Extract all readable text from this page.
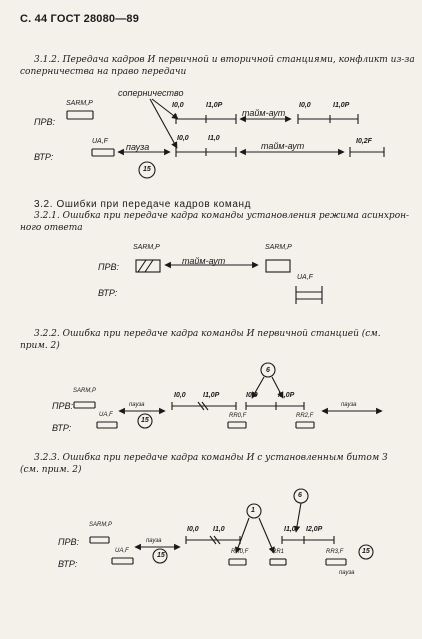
С. 44 ГОСТ 28080—89
3.1.2. Передача кадров И первичной и вторичной станциями, конфликт из-за
соперничества на право передачи
соперничество
SARM,P
ПРВ:
I0,0	I1,0P
тайм-аут
I0,0	I1,0P
UA,F
пауза
I0,0	I1,0
тайм-аут	I0,2F
ВТР:
15
3.2. Ошибки при передаче кадров команд
3.2.1. Ошибка при передаче кадра команды установления режима асинхрон-
ного ответа
SARM,P	SARM,P
ПРВ:
тайм-аут
UA,F
ВТР:
3.2.2. Ошибка при передаче кадра команды И первичной станцией (см.
прим. 2)
6
SARM,P
I0,0 I1,0P	I0,0	I1,0P
ПРВ:	пауза
UA,F	RR0,F	RR2,F
пауза
15
ВТР:
3.2.3. Ошибка при передаче кадра команды И с установленным битом З
(см. прим. 2)
6
1
SARM,P
I0,0 I1,0	I1,0 I2,0P
ПРВ:	пауза
UA,F	RR0,F	RR1	RR3,F
15
15
ВТР:
пауза
